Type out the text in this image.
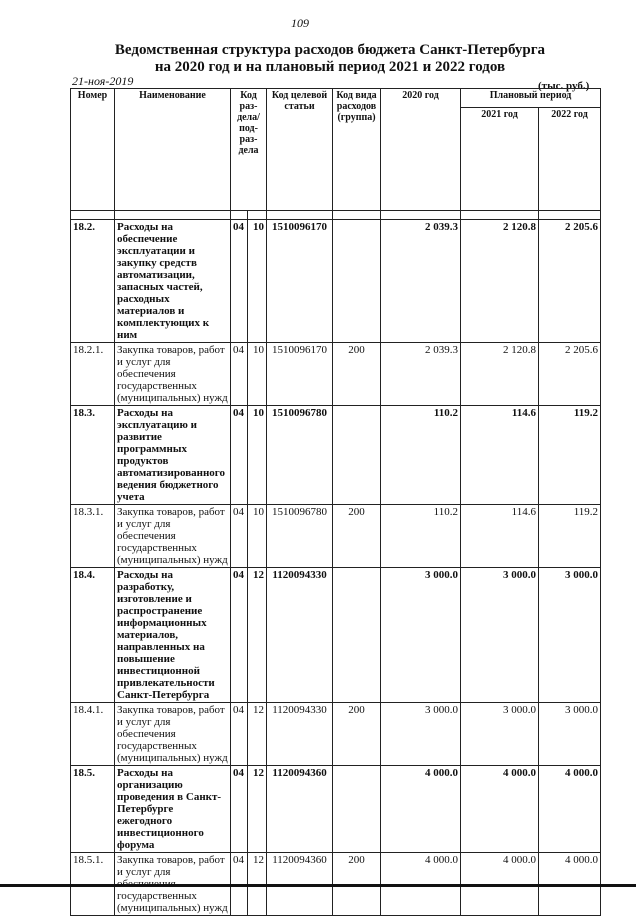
109
Ведомственная структура расходов бюджета Санкт-Петербурга
на 2020 год и на плановый период 2021 и 2022 годов
21-ноя-2019	(тыс. руб.)
Номер	Наименование	Код раз-дела/ под-раз-дела		Код целевой статьи	Код вида расходов (группа)	2020 год	Плановый период	
							2021 год	2022 год

18.2.	Расходы на обеспечение эксплуатации и закупку средств автоматизации, запасных частей, расходных материалов и комплектующих к ним	04	10	1510096170		2 039.3	2 120.8	2 205.6
18.2.1.	Закупка товаров, работ и услуг для обеспечения государственных (муниципальных) нужд	04	10	1510096170	200	2 039.3	2 120.8	2 205.6
18.3.	Расходы на эксплуатацию и развитие программных продуктов автоматизированного ведения бюджетного учета	04	10	1510096780		110.2	114.6	119.2
18.3.1.	Закупка товаров, работ и услуг для обеспечения государственных (муниципальных) нужд	04	10	1510096780	200	110.2	114.6	119.2
18.4.	Расходы на разработку, изготовление и распространение информационных материалов, направленных на повышение инвестиционной привлекательности Санкт-Петербурга	04	12	1120094330		3 000.0	3 000.0	3 000.0
18.4.1.	Закупка товаров, работ и услуг для обеспечения государственных (муниципальных) нужд	04	12	1120094330	200	3 000.0	3 000.0	3 000.0
18.5.	Расходы на организацию проведения в Санкт-Петербурге ежегодного инвестиционного форума	04	12	1120094360		4 000.0	4 000.0	4 000.0
18.5.1.	Закупка товаров, работ и услуг для государственных (муниципальных) нужд	04	12	1120094360	200	4 000.0	4 000.0	4 000.0
